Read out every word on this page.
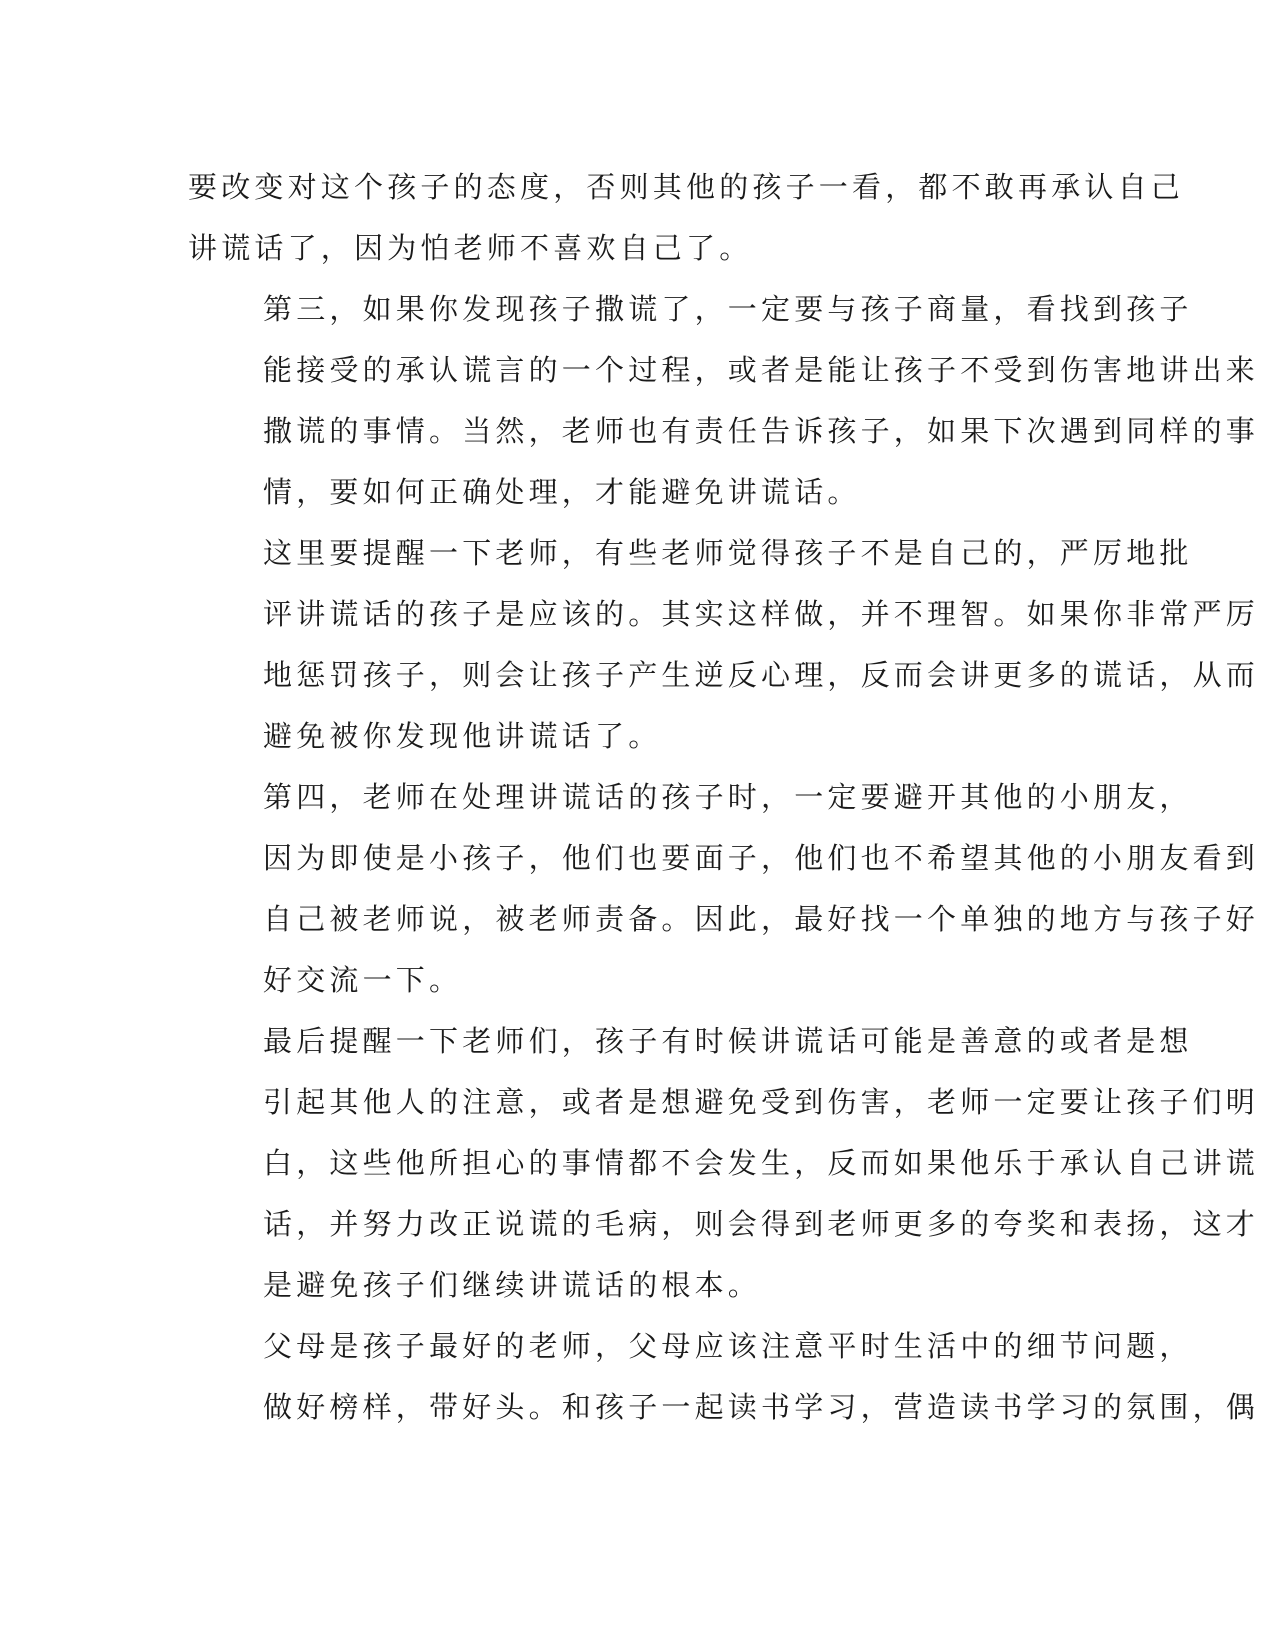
要改变对这个孩子的态度，否则其他的孩子一看，都不敢再承认自己
讲谎话了，因为怕老师不喜欢自己了。

第三，如果你发现孩子撒谎了，一定要与孩子商量，看找到孩子
能接受的承认谎言的一个过程，或者是能让孩子不受到伤害地讲出来
撒谎的事情。当然，老师也有责任告诉孩子，如果下次遇到同样的事
情，要如何正确处理，才能避免讲谎话。

这里要提醒一下老师，有些老师觉得孩子不是自己的，严厉地批
评讲谎话的孩子是应该的。其实这样做，并不理智。如果你非常严厉
地惩罚孩子，则会让孩子产生逆反心理，反而会讲更多的谎话，从而
避免被你发现他讲谎话了。

第四，老师在处理讲谎话的孩子时，一定要避开其他的小朋友，
因为即使是小孩子，他们也要面子，他们也不希望其他的小朋友看到
自己被老师说，被老师责备。因此，最好找一个单独的地方与孩子好
好交流一下。

最后提醒一下老师们，孩子有时候讲谎话可能是善意的或者是想
引起其他人的注意，或者是想避免受到伤害，老师一定要让孩子们明
白，这些他所担心的事情都不会发生，反而如果他乐于承认自己讲谎
话，并努力改正说谎的毛病，则会得到老师更多的夸奖和表扬，这才
是避免孩子们继续讲谎话的根本。

父母是孩子最好的老师，父母应该注意平时生活中的细节问题，
做好榜样，带好头。和孩子一起读书学习，营造读书学习的氛围，偶
